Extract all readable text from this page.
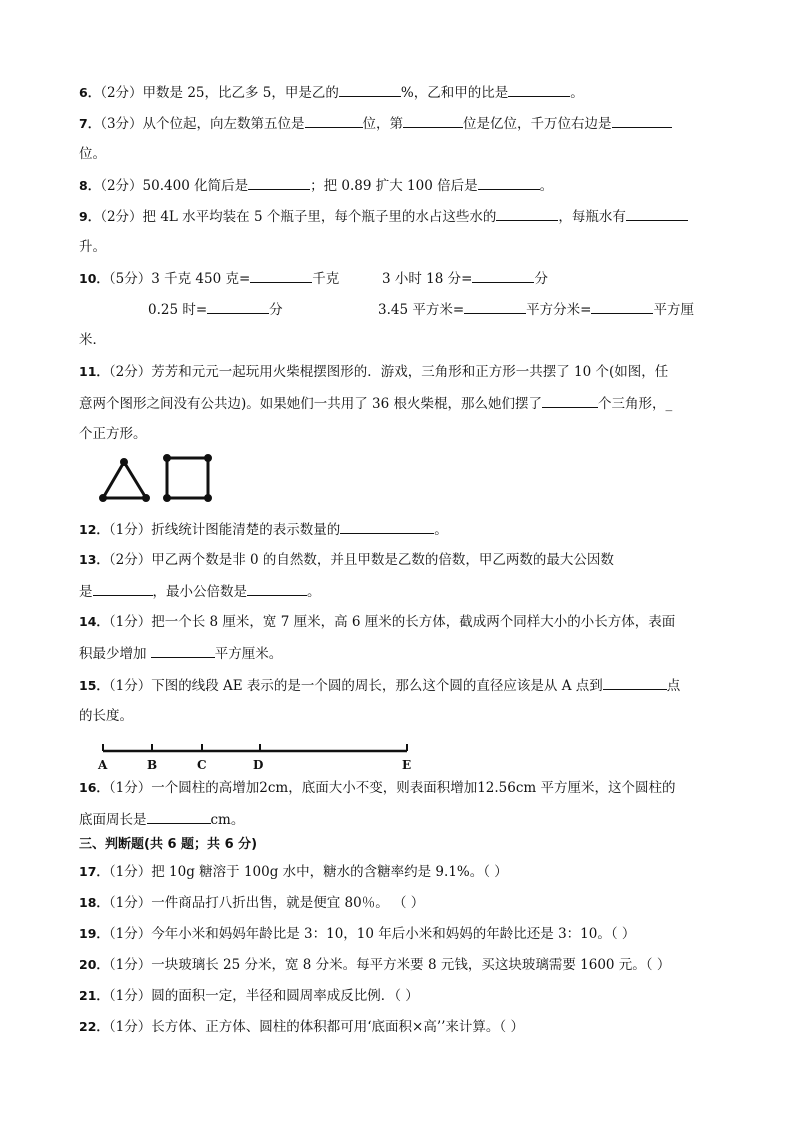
6．（2分）甲数是 25，比乙多 5，甲是乙的	%，乙和甲的比是	。
7．（3分）从个位起，向左数第五位是	位，第	位是亿位，千万位右边是
位。
8．（2分）50.400 化简后是	；把 0.89 扩大 100 倍后是	。
9．（2分）把 4L 水平均装在 5 个瓶子里，每个瓶子里的水占这些水的	，每瓶水有
升。
10．（5分）3 千克 450 克=	千克	3 小时 18 分=	分
0.25 时=	分	3.45 平方米=	平方分米=	平方厘
米．
11．（2分）芳芳和元元一起玩用火柴棍摆图形的．游戏，三角形和正方形一共摆了 10 个(如图，任
意两个图形之间没有公共边)。如果她们一共用了 36 根火柴棍，那么她们摆了	个三角形，_
个正方形。
12．（1分）折线统计图能清楚的表示数量的	。
13．（2分）甲乙两个数是非 0 的自然数，并且甲数是乙数的倍数，甲乙两数的最大公因数
是	，最小公倍数是	。
14．（1分）把一个长 8 厘米，宽 7 厘米，高 6 厘米的长方体，截成两个同样大小的小长方体，表面
积最少增加	平方厘米。
15．（1分）下图的线段 AE 表示的是一个圆的周长，那么这个圆的直径应该是从 A 点到	点
的长度。
A	B	C	D	E
16．（1分）一个圆柱的高增加2cm，底面大小不变，则表面积增加12.56cm 平方厘米，这个圆柱的
底面周长是	cm。
三、判断题(共 6 题；共 6 分)
17．（1分）把 10g 糖溶于 100g 水中，糖水的含糖率约是 9.1%。（ ）
18．（1分）一件商品打八折出售，就是便宜 80％。 （ ）
19．（1分）今年小米和妈妈年龄比是 3：10，10 年后小米和妈妈的年龄比还是 3：10。（ ）
20．（1分）一块玻璃长 25 分米，宽 8 分米。每平方米要 8 元钱，买这块玻璃需要 1600 元。（ ）
21．（1分）圆的面积一定，半径和圆周率成反比例．（ ）
22．（1分）长方体、正方体、圆柱的体积都可用‘底面积×高’’来计算。（ ）
